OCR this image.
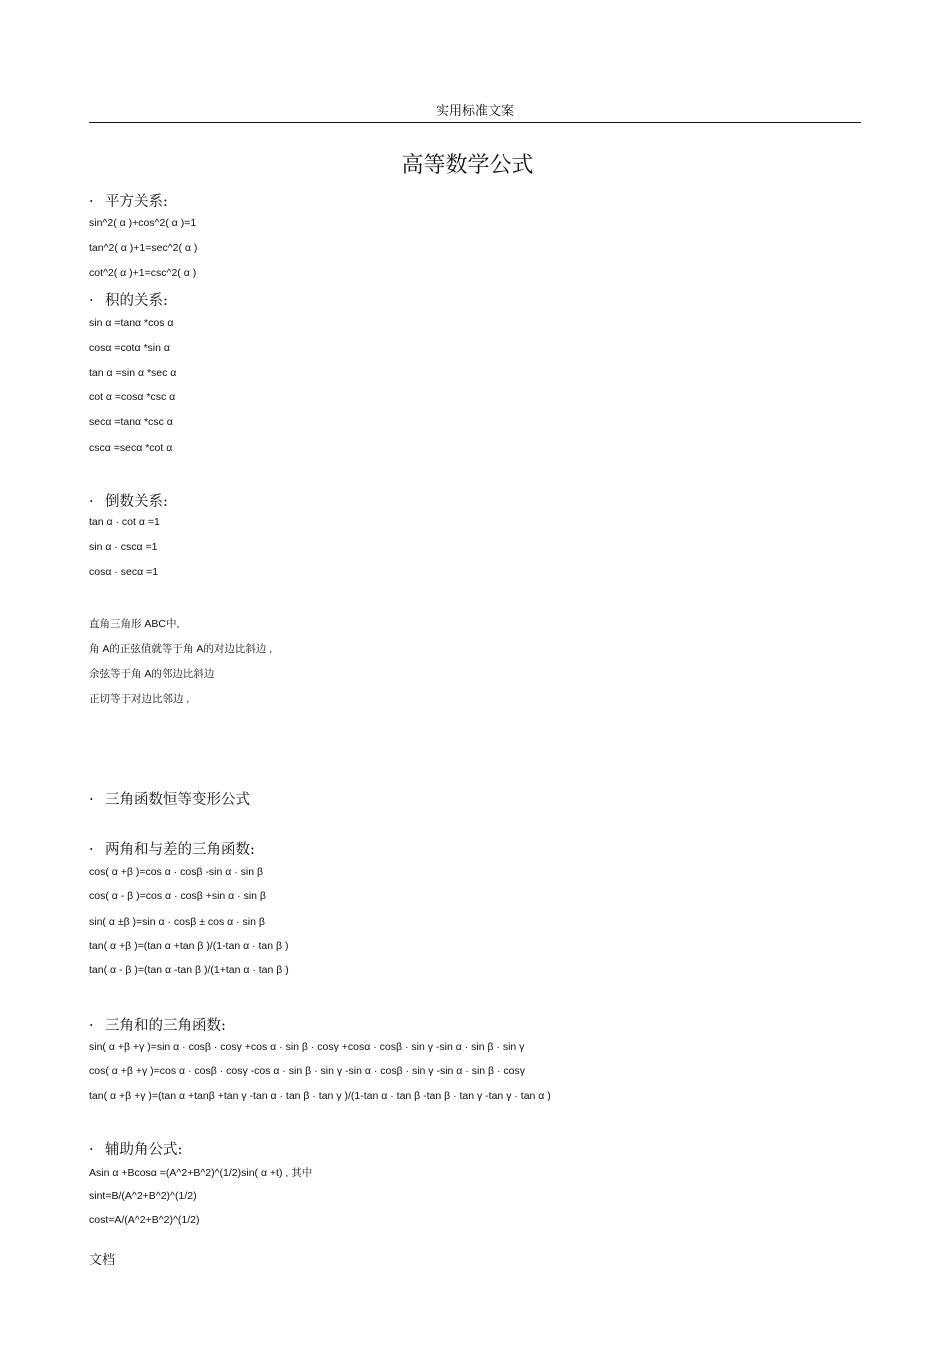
实用标准文案
高等数学公式
· 平方关系:
sin^2( α )+cos^2( α )=1
tan^2( α )+1=sec^2( α )
cot^2( α )+1=csc^2( α )
· 积的关系:
sin α =tanα *cos α
cosα =cotα *sin α
tan α =sin α *sec α
cot α =cosα *csc α
secα =tanα *csc α
cscα =secα *cot α
· 倒数关系:
tan α · cot α =1
sin α · cscα =1
cosα · secα =1
直角三角形 ABC中,
角 A的正弦值就等于角 A的对边比斜边 ,
余弦等于角 A的邻边比斜边
正切等于对边比邻边 ,
· 三角函数恒等变形公式
· 两角和与差的三角函数:
cos( α +β )=cos α · cosβ -sin α · sin β
cos( α - β )=cos α · cosβ +sin α · sin β
sin( α ±β )=sin α · cosβ ± cos α · sin β
tan( α +β )=(tan α +tan β )/(1-tan α · tan β )
tan( α - β )=(tan α -tan β )/(1+tan α · tan β )
· 三角和的三角函数:
sin( α +β +γ )=sin α · cosβ · cosγ +cos α · sin β · cosγ +cosα · cosβ · sin γ -sin α · sin β · sin γ
cos( α +β +γ )=cos α · cosβ · cosγ -cos α · sin β · sin γ -sin α · cosβ · sin γ -sin α · sin β · cosγ
tan( α +β +γ )=(tan α +tanβ +tan γ -tan α · tan β · tan γ )/(1-tan α · tan β -tan β · tan γ -tan γ · tan α )
· 辅助角公式:
Asin α +Bcosα =(A^2+B^2)^(1/2)sin( α +t) , 其中
sint=B/(A^2+B^2)^(1/2)
cost=A/(A^2+B^2)^(1/2)
文档
